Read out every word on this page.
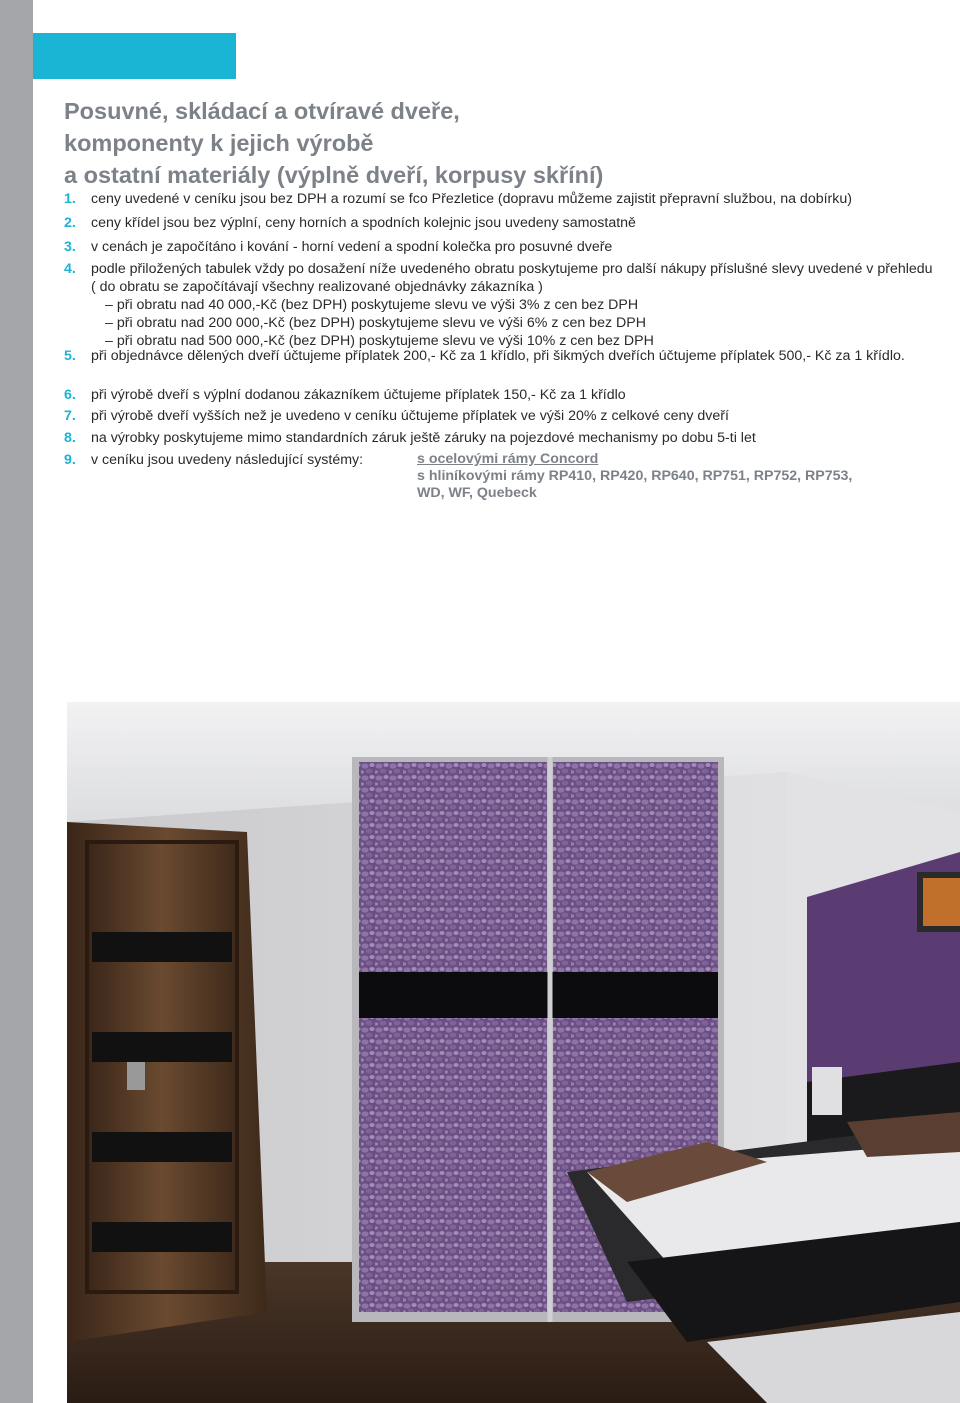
Posuvné, skládací a otvíravé dveře,
komponenty k jejich výrobě
a ostatní materiály (výplně dveří, korpusy skříní)
1.	ceny uvedené v ceníku jsou bez DPH a rozumí se fco Přezletice (dopravu můžeme zajistit přepravní službou, na dobírku)
2.	ceny křídel jsou bez výplní, ceny horních a spodních kolejnic jsou uvedeny samostatně
3.	v cenách je započítáno i kování - horní vedení a spodní kolečka pro posuvné dveře
4.	podle přiložených tabulek vždy po dosažení níže uvedeného obratu poskytujeme pro další nákupy příslušné slevy uvedené v přehledu ( do obratu se započítávají všechny realizované objednávky zákazníka )
– při obratu nad 40 000,-Kč (bez DPH) poskytujeme slevu ve výši 3% z cen bez DPH
– při obratu nad 200 000,-Kč (bez DPH) poskytujeme slevu ve výši 6% z cen bez DPH
– při obratu nad 500 000,-Kč (bez DPH) poskytujeme slevu ve výši 10% z cen bez DPH
5.	při objednávce dělených dveří účtujeme příplatek 200,- Kč za 1 křídlo, při šikmých dveřích účtujeme příplatek 500,- Kč za 1 křídlo.
6.	při výrobě dveří s výplní dodanou zákazníkem účtujeme příplatek 150,- Kč za 1 křídlo
7.	při výrobě dveří vyšších než je uvedeno v ceníku účtujeme příplatek ve výši 20% z celkové ceny dveří
8.	na výrobky poskytujeme mimo standardních záruk ještě záruky na pojezdové mechanismy po dobu 5-ti let
9.	v ceníku jsou uvedeny následující systémy:	s ocelovými rámy Concord
s hliníkovými rámy RP410, RP420, RP640, RP751, RP752, RP753,
WD, WF, Quebeck
